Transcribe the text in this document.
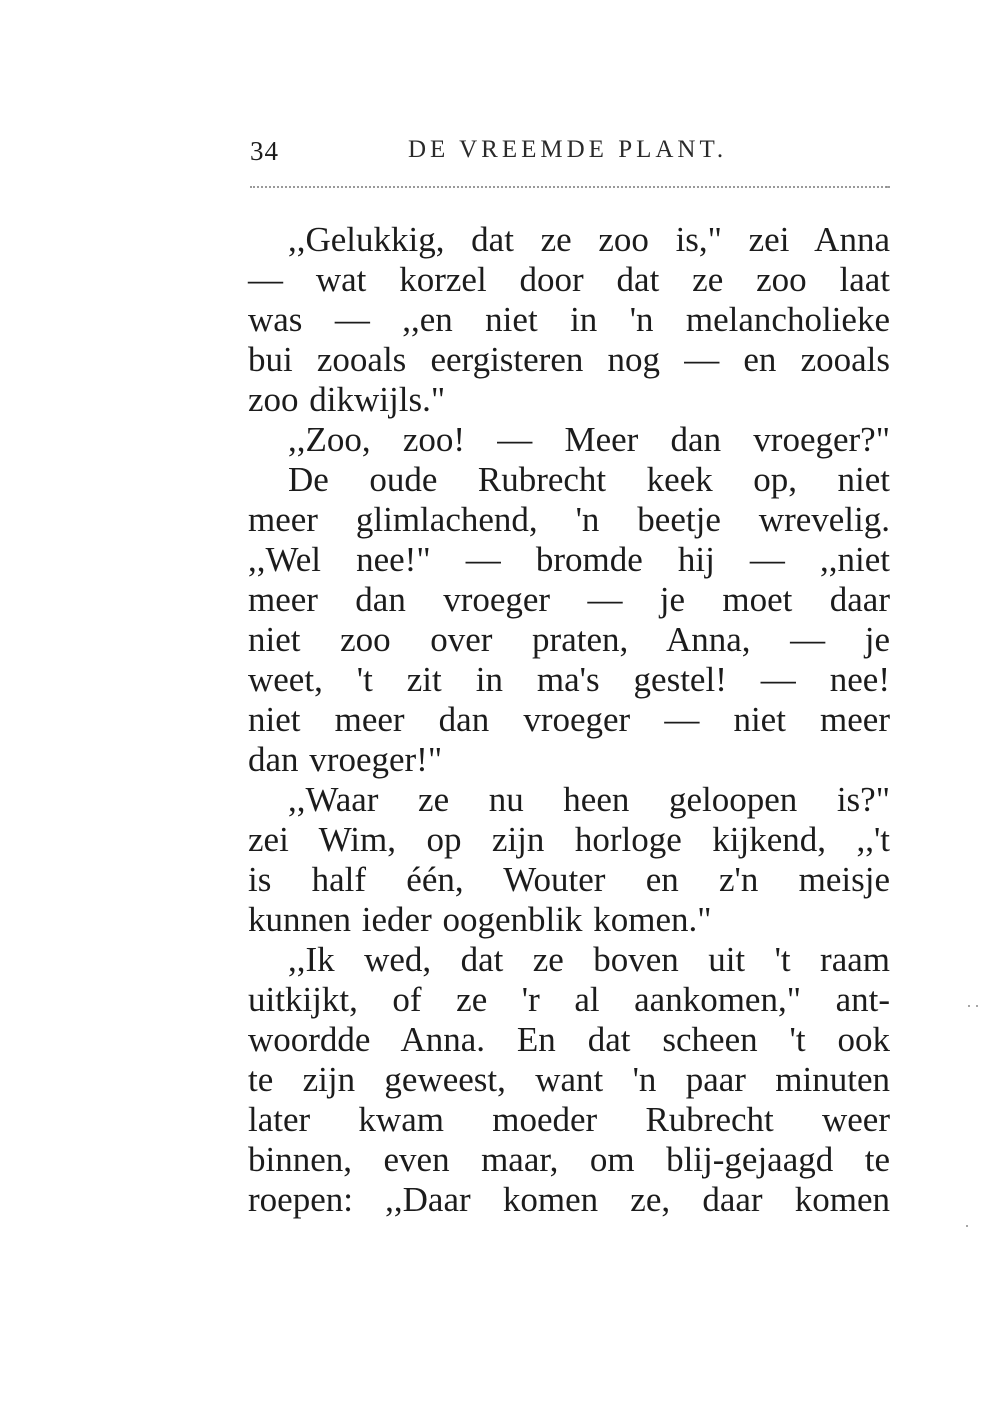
34	DE VREEMDE PLANT.
,,Gelukkig, dat ze zoo is," zei Anna
— wat korzel door dat ze zoo laat
was — ,,en niet in 'n melancholieke
bui zooals eergisteren nog — en zooals
zoo dikwijls."
,,Zoo, zoo! — Meer dan vroeger?"
De oude Rubrecht keek op, niet
meer glimlachend, 'n beetje wrevelig.
,,Wel nee!" — bromde hij — ,,niet
meer dan vroeger — je moet daar
niet zoo over praten, Anna, — je
weet, 't zit in ma's gestel! — nee!
niet meer dan vroeger — niet meer
dan vroeger!"
,,Waar ze nu heen geloopen is?"
zei Wim, op zijn horloge kijkend, ,,'t
is half één, Wouter en z'n meisje
kunnen ieder oogenblik komen."
,,Ik wed, dat ze boven uit 't raam
uitkijkt, of ze 'r al aankomen," ant-
woordde Anna. En dat scheen 't ook
te zijn geweest, want 'n paar minuten
later kwam moeder Rubrecht weer
binnen, even maar, om blij-gejaagd te
roepen: ,,Daar komen ze, daar komen
